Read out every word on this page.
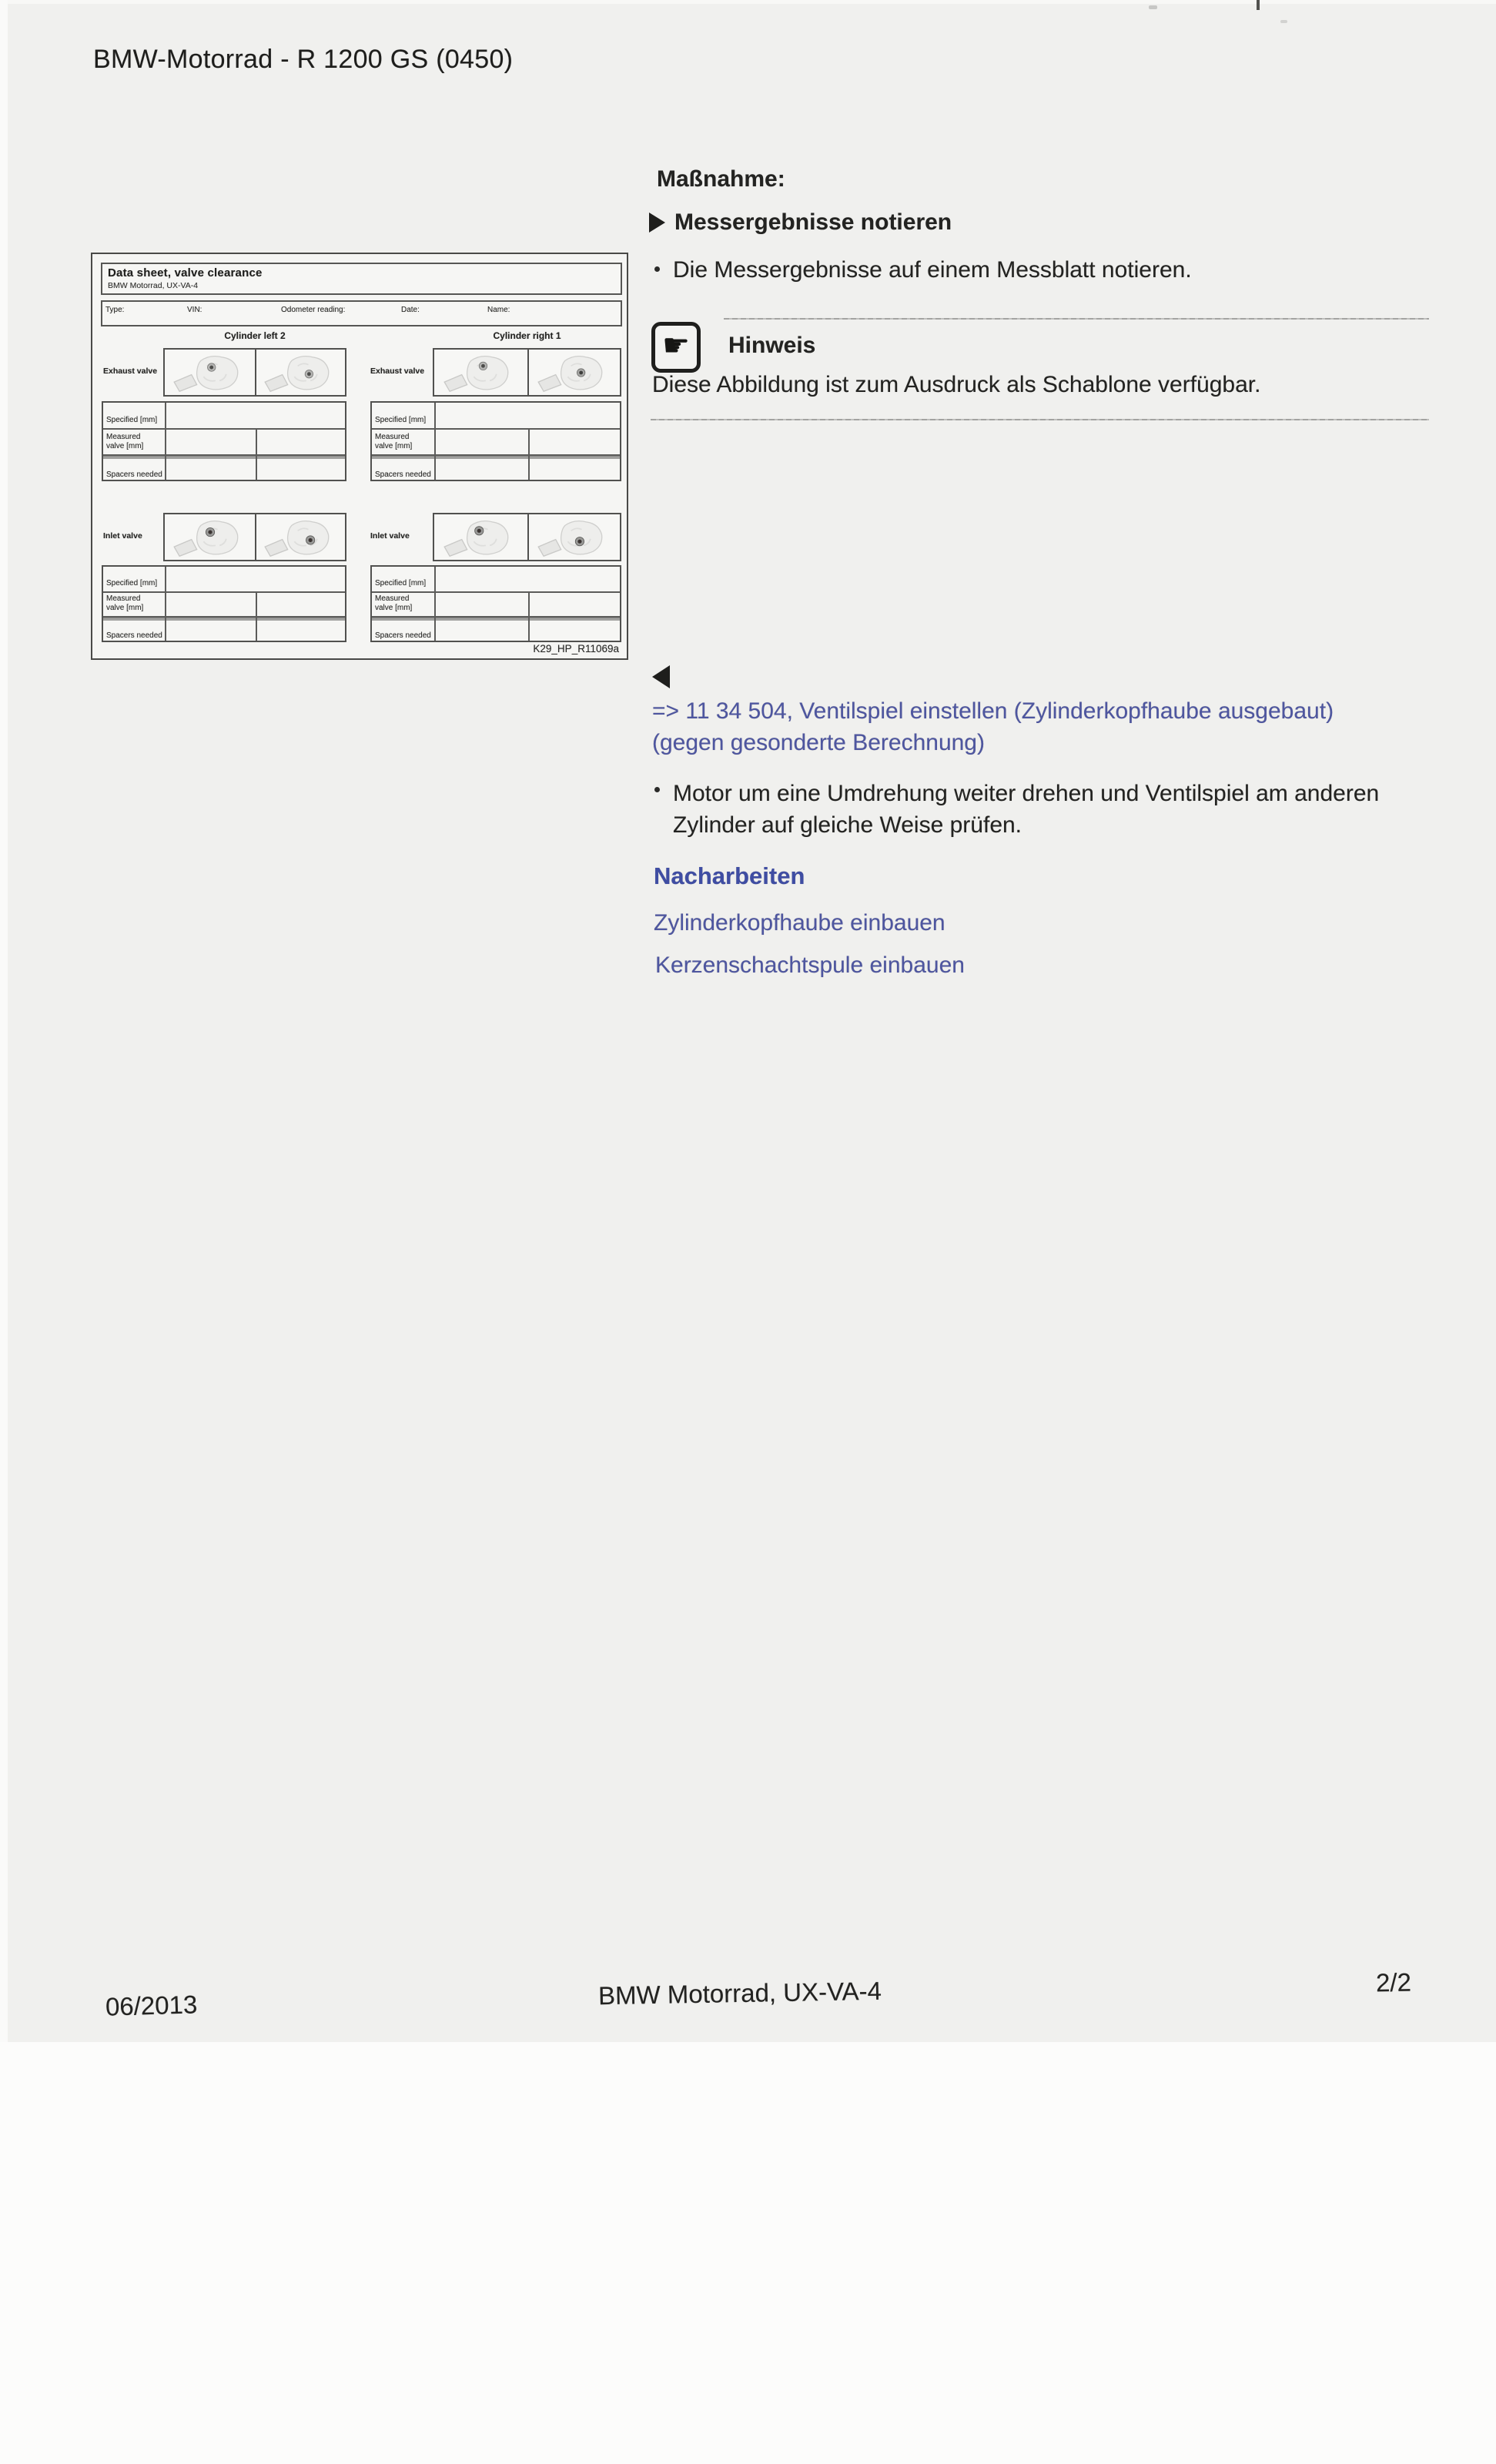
BMW-Motorrad - R 1200 GS (0450)
Data sheet, valve clearance
BMW Motorrad, UX-VA-4
Type:	VIN:	Odometer reading:	Date:	Name:
Cylinder left 2	Cylinder right 1
Exhaust valve	Exhaust valve
Specified [mm]
Measured
valve [mm]
Spacers needed
Specified [mm]
Measured
valve [mm]
Spacers needed
Inlet valve	Inlet valve
Specified [mm]
Measured
valve [mm]
Spacers needed
Specified [mm]
Measured
valve [mm]
Spacers needed
K29_HP_R11069a
Maßnahme:
Messergebnisse notieren
Die Messergebnisse auf einem Messblatt notieren.
☛ Hinweis
Diese Abbildung ist zum Ausdruck als Schablone verfügbar.
=> 11 34 504, Ventilspiel einstellen (Zylinderkopfhaube ausgebaut)
(gegen gesonderte Berechnung)
Motor um eine Umdrehung weiter drehen und Ventilspiel am anderen
Zylinder auf gleiche Weise prüfen.
Nacharbeiten
Zylinderkopfhaube einbauen
Kerzenschachtspule einbauen
06/2013	BMW Motorrad, UX-VA-4	2/2
